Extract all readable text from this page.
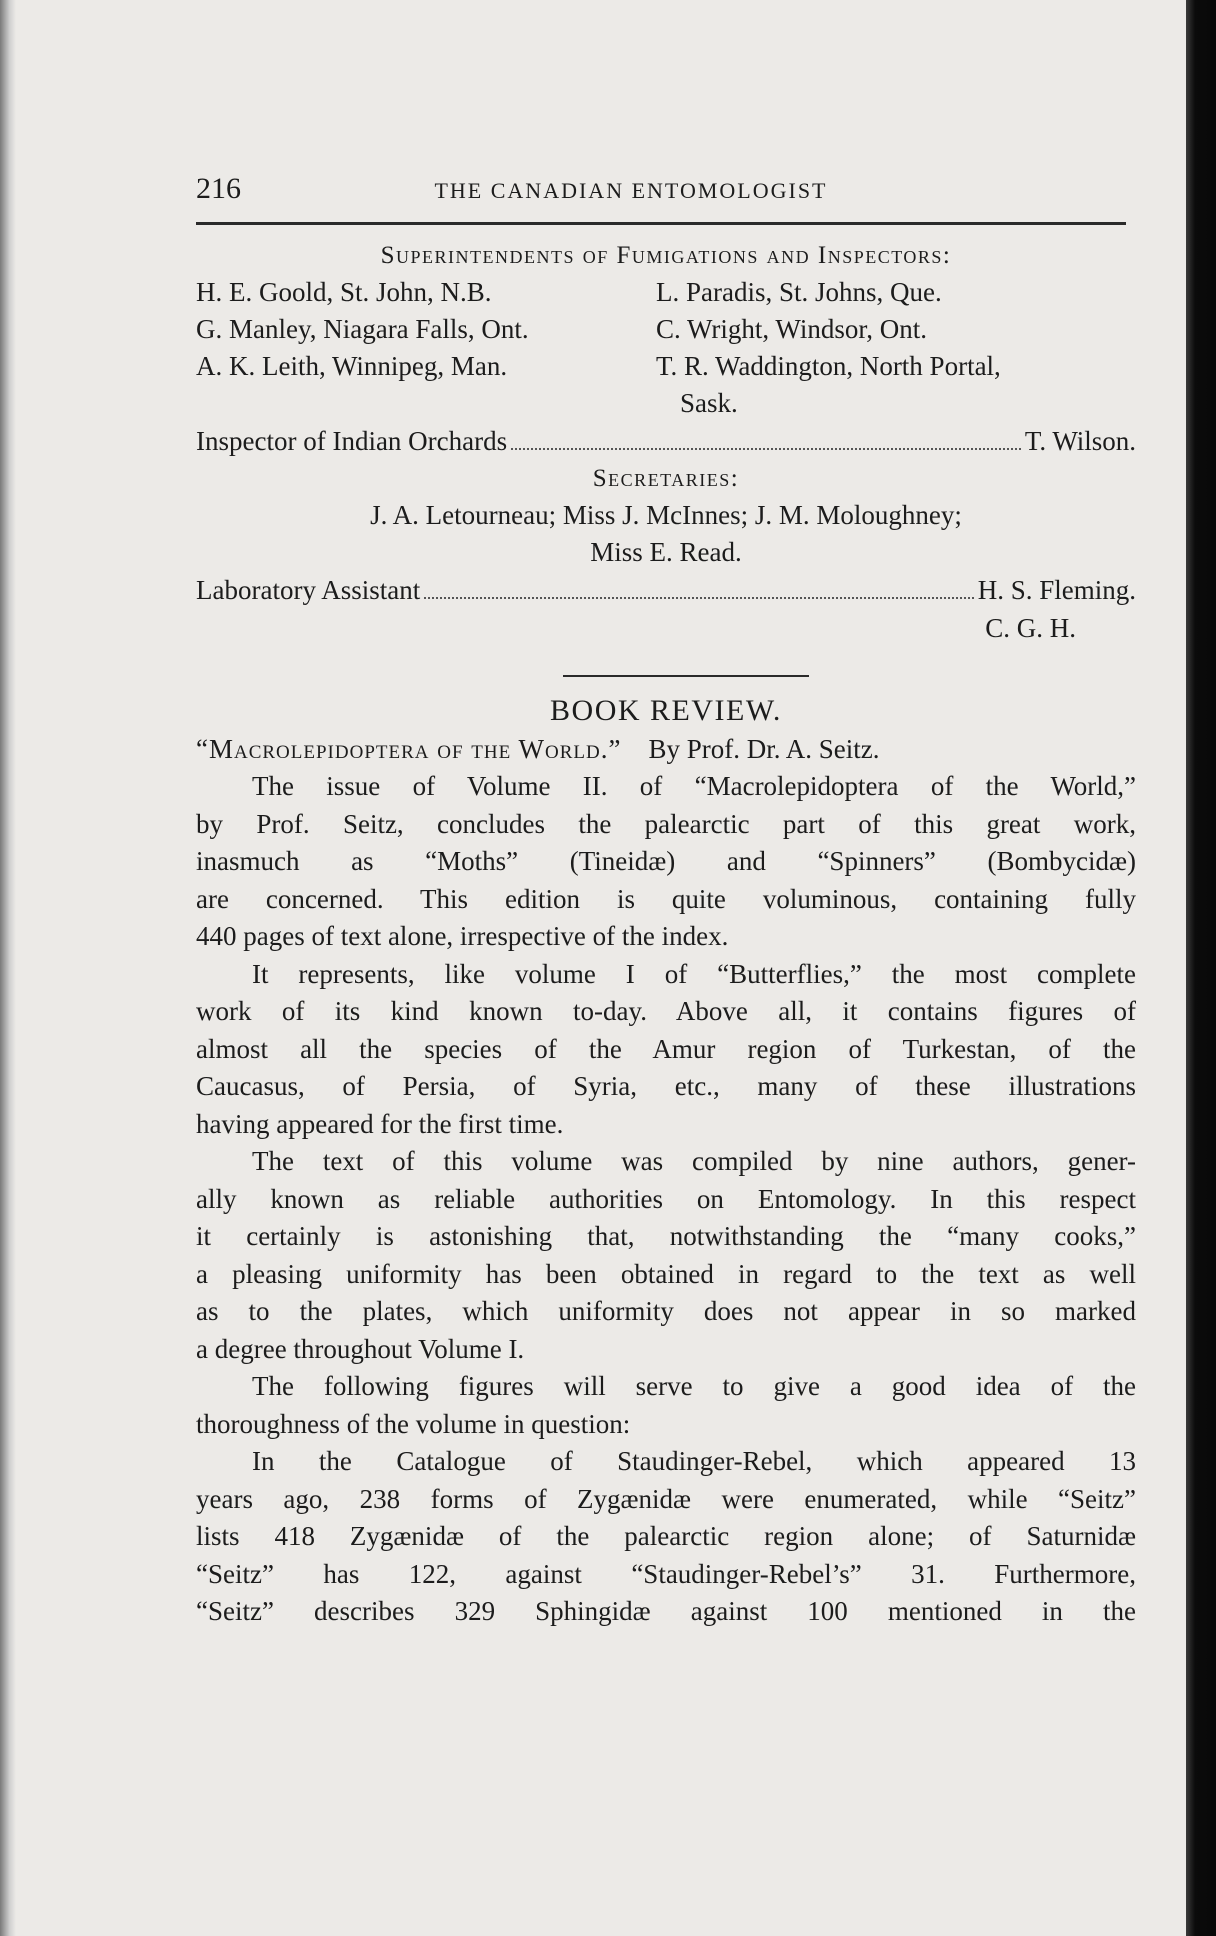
216	THE CANADIAN ENTOMOLOGIST
Superintendents of Fumigations and Inspectors:
H. E. Goold, St. John, N.B.	L. Paradis, St. Johns, Que.
G. Manley, Niagara Falls, Ont.	C. Wright, Windsor, Ont.
A. K. Leith, Winnipeg, Man.	T. R. Waddington, North Portal,
Sask.
Inspector of Indian Orchards	T. Wilson.
Secretaries:
J. A. Letourneau; Miss J. McInnes; J. M. Moloughney;
Miss E. Read.
Laboratory Assistant	H. S. Fleming.
C. G. H.
BOOK REVIEW.
“Macrolepidoptera of the World.” By Prof. Dr. A. Seitz.
The issue of Volume II. of “Macrolepidoptera of the World,”
by Prof. Seitz, concludes the palearctic part of this great work,
inasmuch as “Moths” (Tineidæ) and “Spinners” (Bombycidæ)
are concerned. This edition is quite voluminous, containing fully
440 pages of text alone, irrespective of the index.
It represents, like volume I of “Butterflies,” the most complete
work of its kind known to-day. Above all, it contains figures of
almost all the species of the Amur region of Turkestan, of the
Caucasus, of Persia, of Syria, etc., many of these illustrations
having appeared for the first time.
The text of this volume was compiled by nine authors, gener-
ally known as reliable authorities on Entomology. In this respect
it certainly is astonishing that, notwithstanding the “many cooks,”
a pleasing uniformity has been obtained in regard to the text as well
as to the plates, which uniformity does not appear in so marked
a degree throughout Volume I.
The following figures will serve to give a good idea of the
thoroughness of the volume in question:
In the Catalogue of Staudinger-Rebel, which appeared 13
years ago, 238 forms of Zygænidæ were enumerated, while “Seitz”
lists 418 Zygænidæ of the palearctic region alone; of Saturnidæ
“Seitz” has 122, against “Staudinger-Rebel’s” 31. Furthermore,
“Seitz” describes 329 Sphingidæ against 100 mentioned in the
